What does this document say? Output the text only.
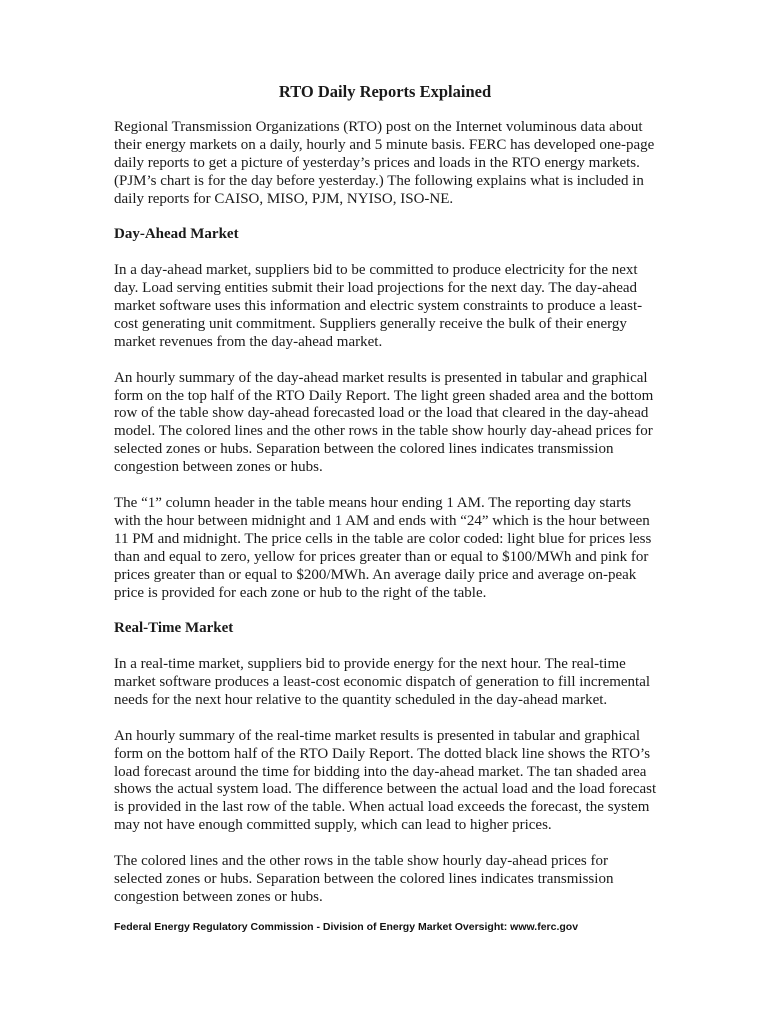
RTO Daily Reports Explained

Regional Transmission Organizations (RTO) post on the Internet voluminous data about their energy markets on a daily, hourly and 5 minute basis. FERC has developed one-page daily reports to get a picture of yesterday’s prices and loads in the RTO energy markets. (PJM’s chart is for the day before yesterday.) The following explains what is included in daily reports for CAISO, MISO, PJM, NYISO, ISO-NE.

Day-Ahead Market

In a day-ahead market, suppliers bid to be committed to produce electricity for the next day. Load serving entities submit their load projections for the next day. The day-ahead market software uses this information and electric system constraints to produce a least-cost generating unit commitment. Suppliers generally receive the bulk of their energy market revenues from the day-ahead market.

An hourly summary of the day-ahead market results is presented in tabular and graphical form on the top half of the RTO Daily Report. The light green shaded area and the bottom row of the table show day-ahead forecasted load or the load that cleared in the day-ahead model. The colored lines and the other rows in the table show hourly day-ahead prices for selected zones or hubs. Separation between the colored lines indicates transmission congestion between zones or hubs.

The “1” column header in the table means hour ending 1 AM. The reporting day starts with the hour between midnight and 1 AM and ends with “24” which is the hour between 11 PM and midnight. The price cells in the table are color coded: light blue for prices less than and equal to zero, yellow for prices greater than or equal to $100/MWh and pink for prices greater than or equal to $200/MWh. An average daily price and average on-peak price is provided for each zone or hub to the right of the table.

Real-Time Market

In a real-time market, suppliers bid to provide energy for the next hour. The real-time market software produces a least-cost economic dispatch of generation to fill incremental needs for the next hour relative to the quantity scheduled in the day-ahead market.

An hourly summary of the real-time market results is presented in tabular and graphical form on the bottom half of the RTO Daily Report. The dotted black line shows the RTO’s load forecast around the time for bidding into the day-ahead market. The tan shaded area shows the actual system load. The difference between the actual load and the load forecast is provided in the last row of the table. When actual load exceeds the forecast, the system may not have enough committed supply, which can lead to higher prices.

The colored lines and the other rows in the table show hourly day-ahead prices for selected zones or hubs. Separation between the colored lines indicates transmission congestion between zones or hubs.

Federal Energy Regulatory Commission - Division of Energy Market Oversight: www.ferc.gov
